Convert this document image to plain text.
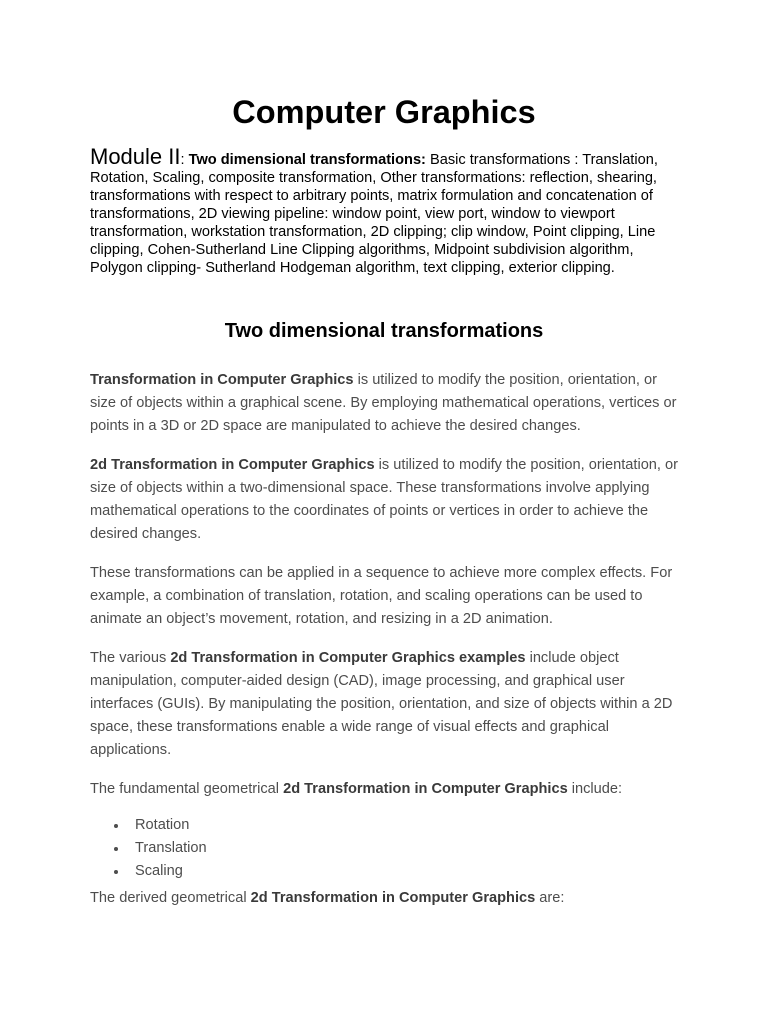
Computer Graphics

Module II: Two dimensional transformations: Basic transformations : Translation, Rotation, Scaling, composite transformation, Other transformations: reflection, shearing, transformations with respect to arbitrary points, matrix formulation and concatenation of transformations, 2D viewing pipeline: window point, view port, window to viewport transformation, workstation transformation, 2D clipping; clip window, Point clipping, Line clipping, Cohen-Sutherland Line Clipping algorithms, Midpoint subdivision algorithm, Polygon clipping- Sutherland Hodgeman algorithm, text clipping, exterior clipping.

Two dimensional transformations

Transformation in Computer Graphics is utilized to modify the position, orientation, or size of objects within a graphical scene. By employing mathematical operations, vertices or points in a 3D or 2D space are manipulated to achieve the desired changes.

2d Transformation in Computer Graphics is utilized to modify the position, orientation, or size of objects within a two-dimensional space. These transformations involve applying mathematical operations to the coordinates of points or vertices in order to achieve the desired changes.

These transformations can be applied in a sequence to achieve more complex effects. For example, a combination of translation, rotation, and scaling operations can be used to animate an object’s movement, rotation, and resizing in a 2D animation.

The various 2d Transformation in Computer Graphics examples include object manipulation, computer-aided design (CAD), image processing, and graphical user interfaces (GUIs). By manipulating the position, orientation, and size of objects within a 2D space, these transformations enable a wide range of visual effects and graphical applications.

The fundamental geometrical 2d Transformation in Computer Graphics include:

Rotation
Translation
Scaling

The derived geometrical 2d Transformation in Computer Graphics are:
